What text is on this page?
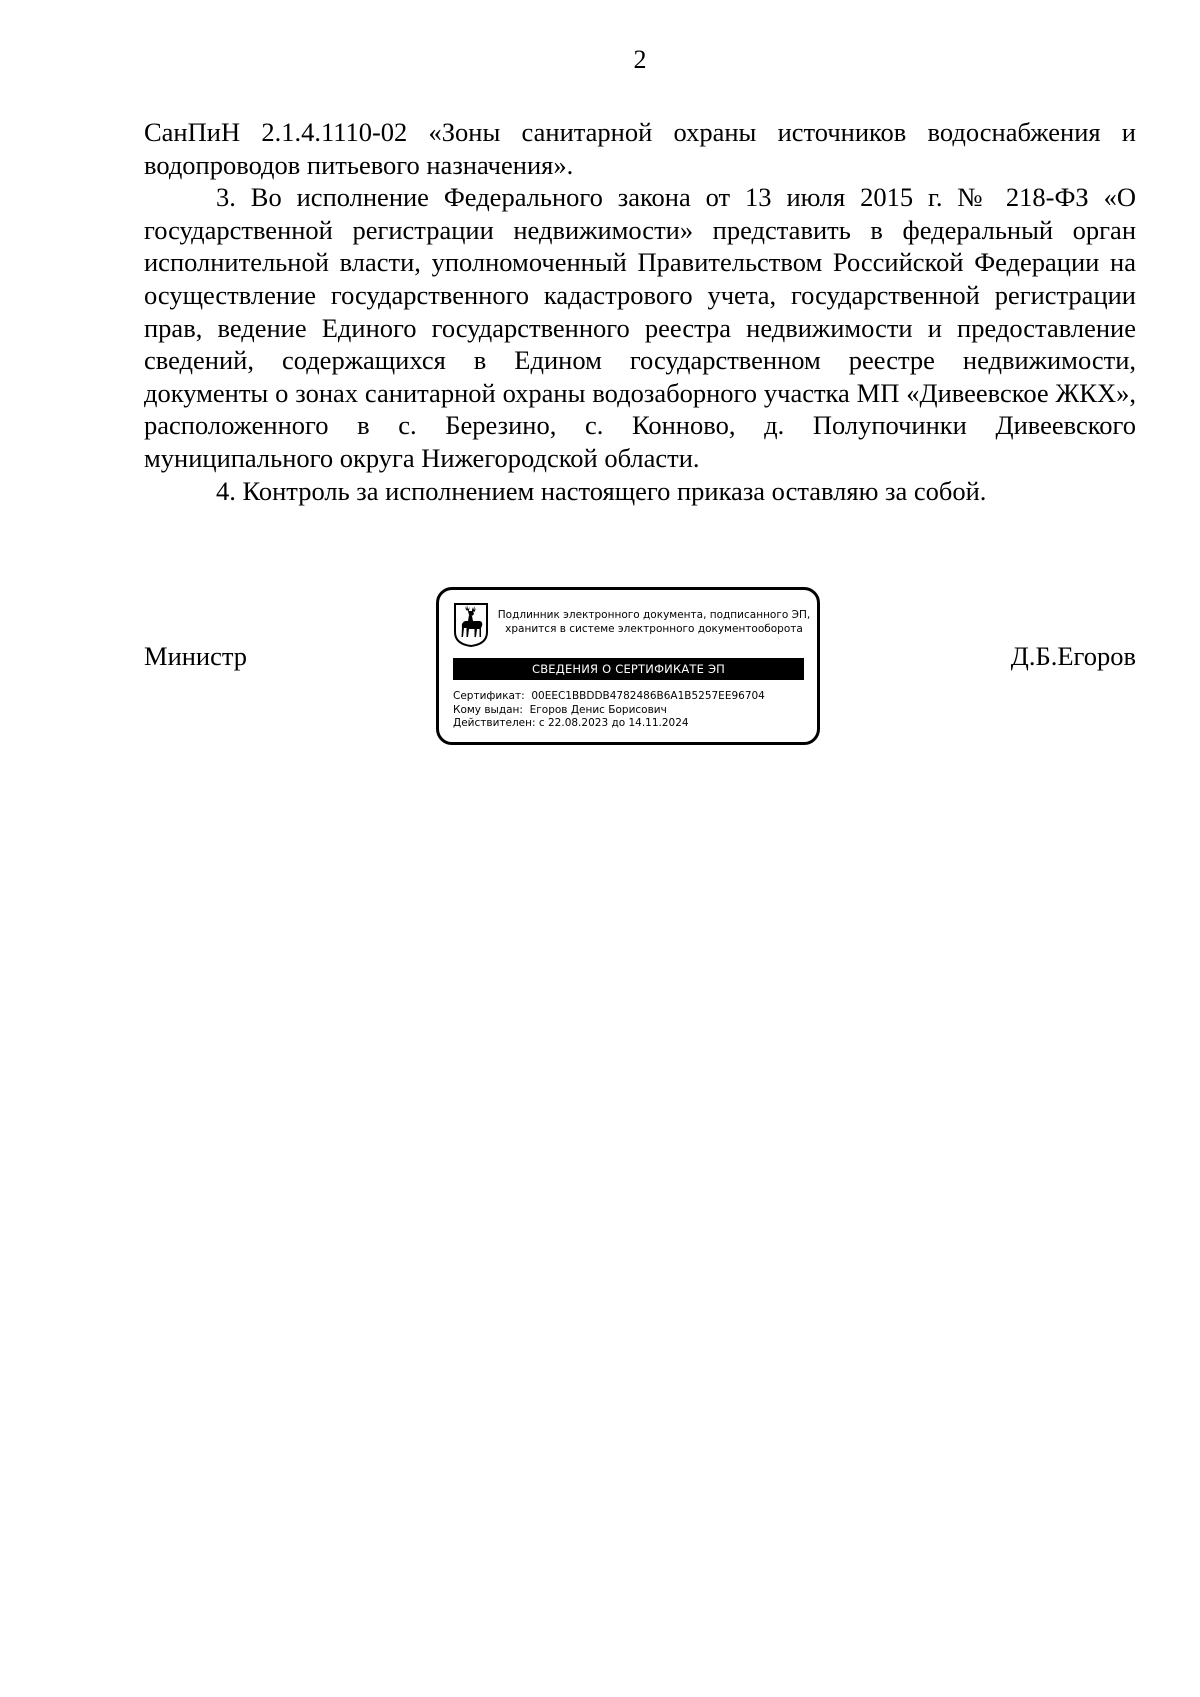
2

СанПиН 2.1.4.1110-02 «Зоны санитарной охраны источников водоснабжения и водопроводов питьевого назначения».

3. Во исполнение Федерального закона от 13 июля 2015 г. № 218-ФЗ «О государственной регистрации недвижимости» представить в федеральный орган исполнительной власти, уполномоченный Правительством Российской Федерации на осуществление государственного кадастрового учета, государственной регистрации прав, ведение Единого государственного реестра недвижимости и предоставление сведений, содержащихся в Едином государственном реестре недвижимости, документы о зонах санитарной охраны водозаборного участка МП «Дивеевское ЖКХ», расположенного в с. Березино, с. Конново, д. Полупочинки Дивеевского муниципального округа Нижегородской области.

4. Контроль за исполнением настоящего приказа оставляю за собой.

Министр	Д.Б.Егоров
Подлинник электронного документа, подписанного ЭП,
хранится в системе электронного документооборота
СВЕДЕНИЯ О СЕРТИФИКАТЕ ЭП
Сертификат: 00EEC1BBDDB4782486B6A1B5257EE96704
Кому выдан: Егоров Денис Борисович
Действителен: с 22.08.2023 до 14.11.2024
